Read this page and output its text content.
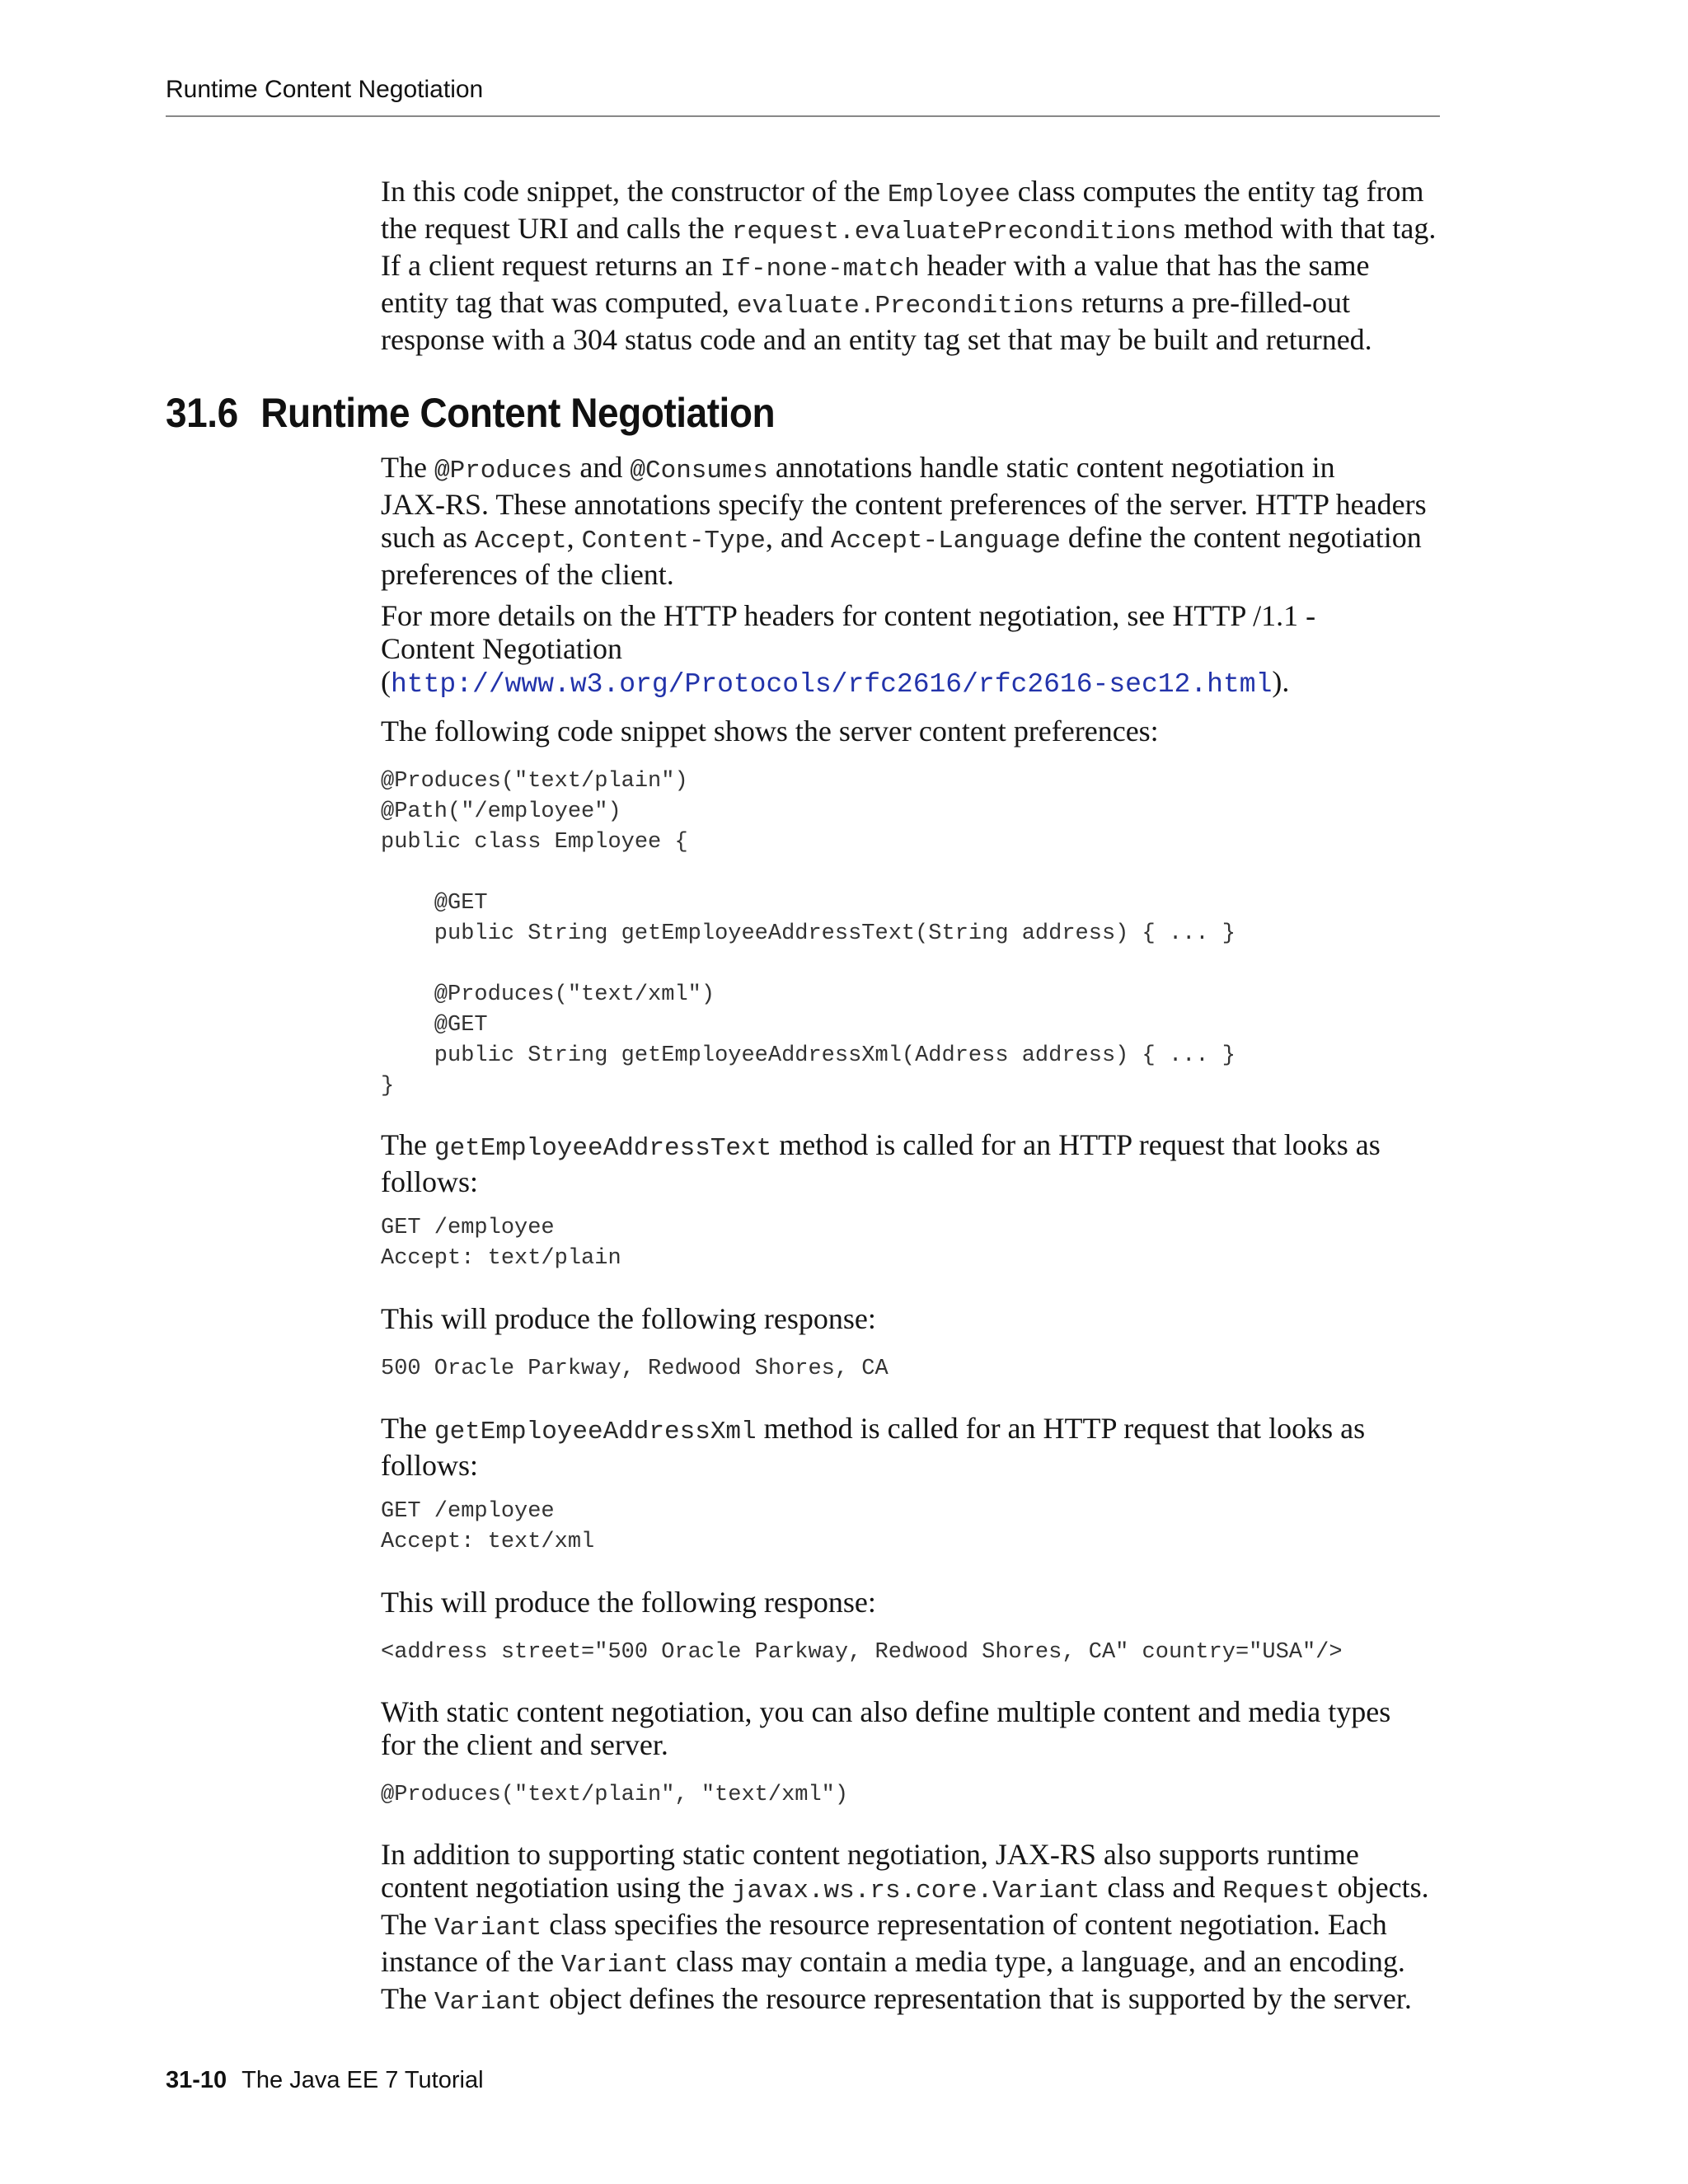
Runtime Content Negotiation

In this code snippet, the constructor of the Employee class computes the entity tag from

the request URI and calls the request.evaluatePreconditions method with that tag.

If a client request returns an If-none-match header with a value that has the same

entity tag that was computed, evaluate.Preconditions returns a pre-filled-out

response with a 304 status code and an entity tag set that may be built and returned.

31.6 Runtime Content Negotiation

The @Produces and @Consumes annotations handle static content negotiation in

JAX-RS. These annotations specify the content preferences of the server. HTTP headers

such as Accept, Content-Type, and Accept-Language define the content negotiation

preferences of the client.

For more details on the HTTP headers for content negotiation, see HTTP /1.1 -

Content Negotiation

(http://www.w3.org/Protocols/rfc2616/rfc2616-sec12.html).

The following code snippet shows the server content preferences:

@Produces("text/plain")
@Path("/employee")
public class Employee {

@GET
public String getEmployeeAddressText(String address) { ... }

@Produces("text/xml")
@GET
public String getEmployeeAddressXml(Address address) { ... }
}

The getEmployeeAddressText method is called for an HTTP request that looks as

follows:

GET /employee
Accept: text/plain

This will produce the following response:

500 Oracle Parkway, Redwood Shores, CA

The getEmployeeAddressXml method is called for an HTTP request that looks as

follows:

GET /employee
Accept: text/xml

This will produce the following response:

<address street="500 Oracle Parkway, Redwood Shores, CA" country="USA"/>

With static content negotiation, you can also define multiple content and media types

for the client and server.

@Produces("text/plain", "text/xml")

In addition to supporting static content negotiation, JAX-RS also supports runtime

content negotiation using the javax.ws.rs.core.Variant class and Request objects.

The Variant class specifies the resource representation of content negotiation. Each

instance of the Variant class may contain a media type, a language, and an encoding.

The Variant object defines the resource representation that is supported by the server.

31-10 The Java EE 7 Tutorial
